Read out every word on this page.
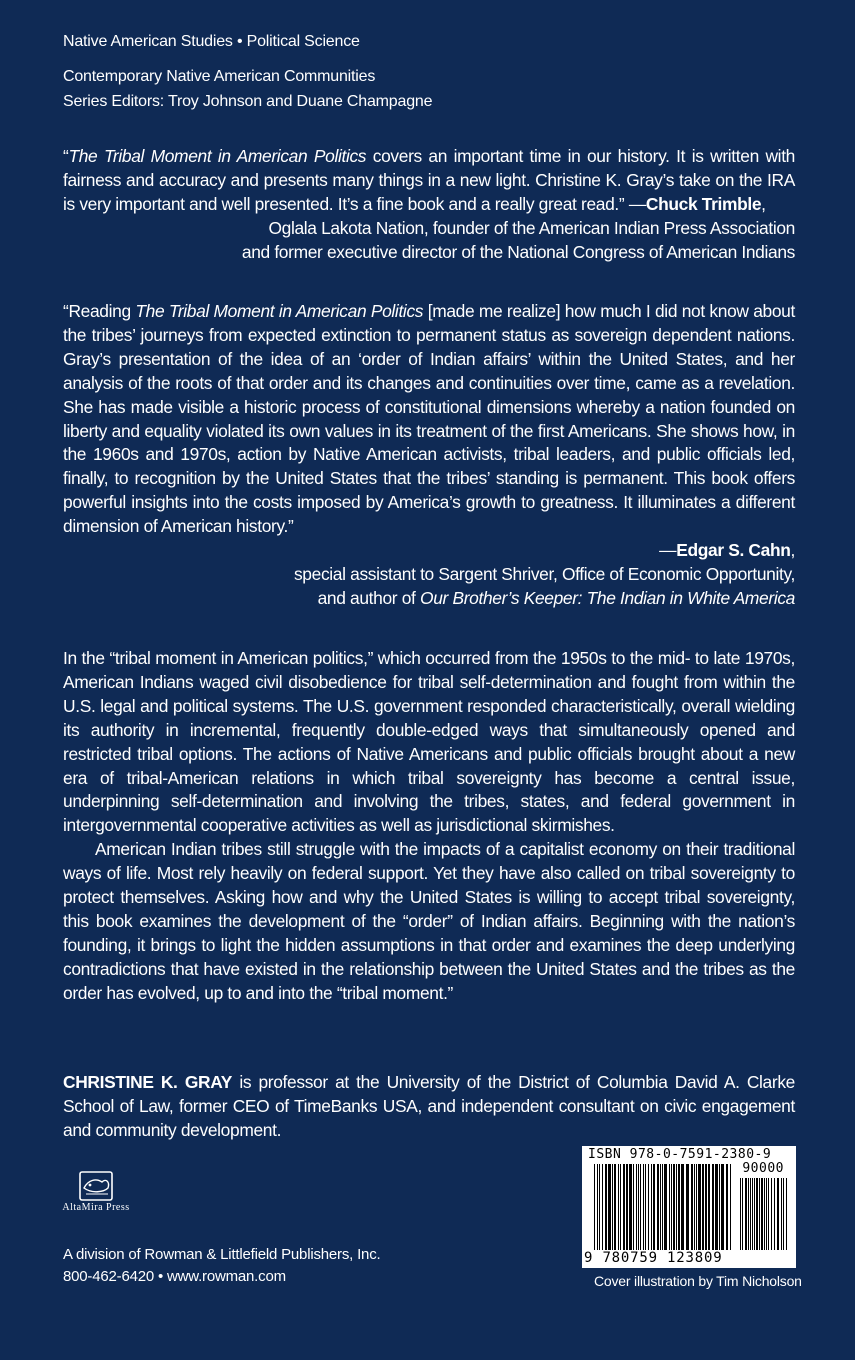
Native American Studies • Political Science
Contemporary Native American Communities
Series Editors: Troy Johnson and Duane Champagne

“The Tribal Moment in American Politics covers an important time in our history. It is written with fairness and accuracy and presents many things in a new light. Christine K. Gray’s take on the IRA is very important and well presented. It’s a fine book and a really great read.” —Chuck Trimble,

Oglala Lakota Nation, founder of the American Indian Press Association

and former executive director of the National Congress of American Indians

“Reading The Tribal Moment in American Politics [made me realize] how much I did not know about the tribes’ journeys from expected extinction to permanent status as sovereign dependent nations. Gray’s presentation of the idea of an ‘order of Indian affairs’ within the United States, and her analysis of the roots of that order and its changes and continuities over time, came as a revelation. She has made visible a historic process of constitutional dimensions whereby a nation founded on liberty and equality violated its own values in its treatment of the first Americans. She shows how, in the 1960s and 1970s, action by Native American activists, tribal leaders, and public officials led, finally, to recognition by the United States that the tribes’ standing is permanent. This book offers powerful insights into the costs imposed by America’s growth to greatness. It illuminates a different dimension of American history.”

—Edgar S. Cahn,

special assistant to Sargent Shriver, Office of Economic Opportunity,

and author of Our Brother’s Keeper: The Indian in White America

In the “tribal moment in American politics,” which occurred from the 1950s to the mid- to late 1970s, American Indians waged civil disobedience for tribal self-determination and fought from within the U.S. legal and political systems. The U.S. government responded characteristically, overall wielding its authority in incremental, frequently double-edged ways that simultaneously opened and restricted tribal options. The actions of Native Americans and public officials brought about a new era of tribal-American relations in which tribal sovereignty has become a central issue, underpinning self-determination and involving the tribes, states, and federal government in intergovernmental cooperative activities as well as jurisdictional skirmishes.

American Indian tribes still struggle with the impacts of a capitalist economy on their traditional ways of life. Most rely heavily on federal support. Yet they have also called on tribal sovereignty to protect themselves. Asking how and why the United States is willing to accept tribal sovereignty, this book examines the development of the “order” of Indian affairs. Beginning with the nation’s founding, it brings to light the hidden assumptions in that order and examines the deep underlying contradictions that have existed in the relationship between the United States and the tribes as the order has evolved, up to and into the “tribal moment.”

CHRISTINE K. GRAY is professor at the University of the District of Columbia David A. Clarke School of Law, former CEO of TimeBanks USA, and independent consultant on civic engagement and community development.

AltaMira Press
A division of Rowman & Littlefield Publishers, Inc.
800-462-6420 • www.rowman.com
ISBN 978-0-7591-2380-9
90000
9 780759 123809
Cover illustration by Tim Nicholson
